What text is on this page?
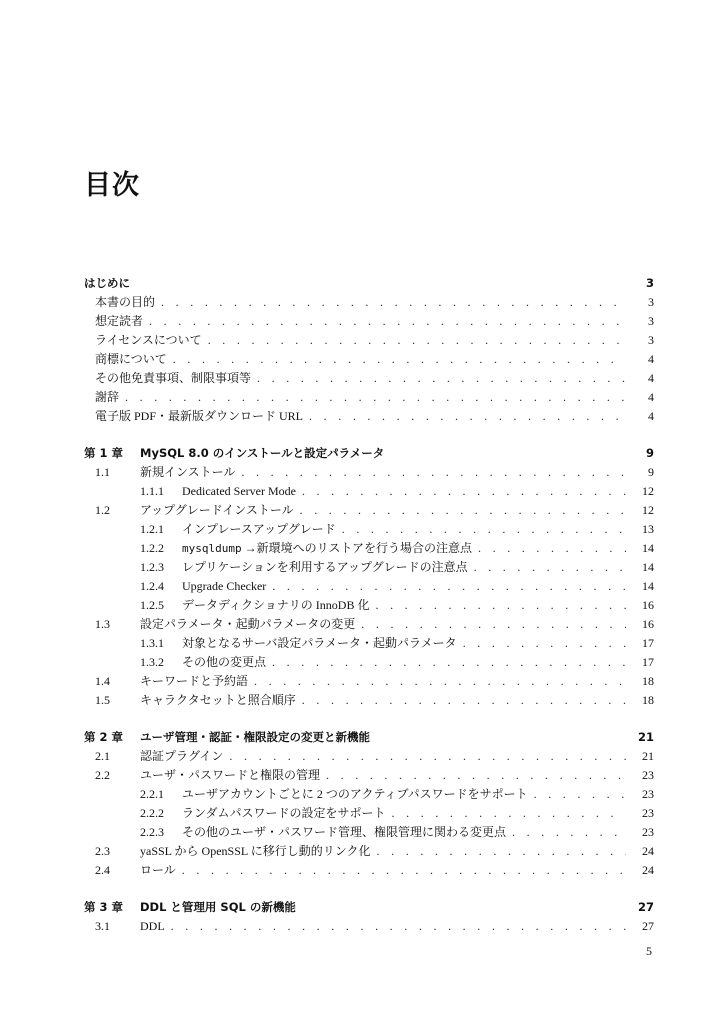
目次
はじめに	3
本書の目的 . . .	3
想定読者 . . .	3
ライセンスについて . . .	3
商標について . . .	4
その他免責事項、制限事項等 . . .	4
謝辞 . . .	4
電子版 PDF・最新版ダウンロード URL . . .	4
第 1 章	MySQL 8.0 のインストールと設定パラメータ	9
1.1	新規インストール . . .	9
1.1.1	Dedicated Server Mode . . .	12
1.2	アップグレードインストール . . .	12
1.2.1	インプレースアップグレード . . .	13
1.2.2	mysqldump →新環境へのリストアを行う場合の注意点 . . .	14
1.2.3	レプリケーションを利用するアップグレードの注意点 . . .	14
1.2.4	Upgrade Checker . . .	14
1.2.5	データディクショナリの InnoDB 化 . . .	16
1.3	設定パラメータ・起動パラメータの変更 . . .	16
1.3.1	対象となるサーバ設定パラメータ・起動パラメータ . . .	17
1.3.2	その他の変更点 . . .	17
1.4	キーワードと予約語 . . .	18
1.5	キャラクタセットと照合順序 . . .	18
第 2 章	ユーザ管理・認証・権限設定の変更と新機能	21
2.1	認証プラグイン . . .	21
2.2	ユーザ・パスワードと権限の管理 . . .	23
2.2.1	ユーザアカウントごとに 2 つのアクティブパスワードをサポート . . .	23
2.2.2	ランダムパスワードの設定をサポート . . .	23
2.2.3	その他のユーザ・パスワード管理、権限管理に関わる変更点 . . .	23
2.3	yaSSL から OpenSSL に移行し動的リンク化 . . .	24
2.4	ロール . . .	24
第 3 章	DDL と管理用 SQL の新機能	27
3.1	DDL . . .	27
5
